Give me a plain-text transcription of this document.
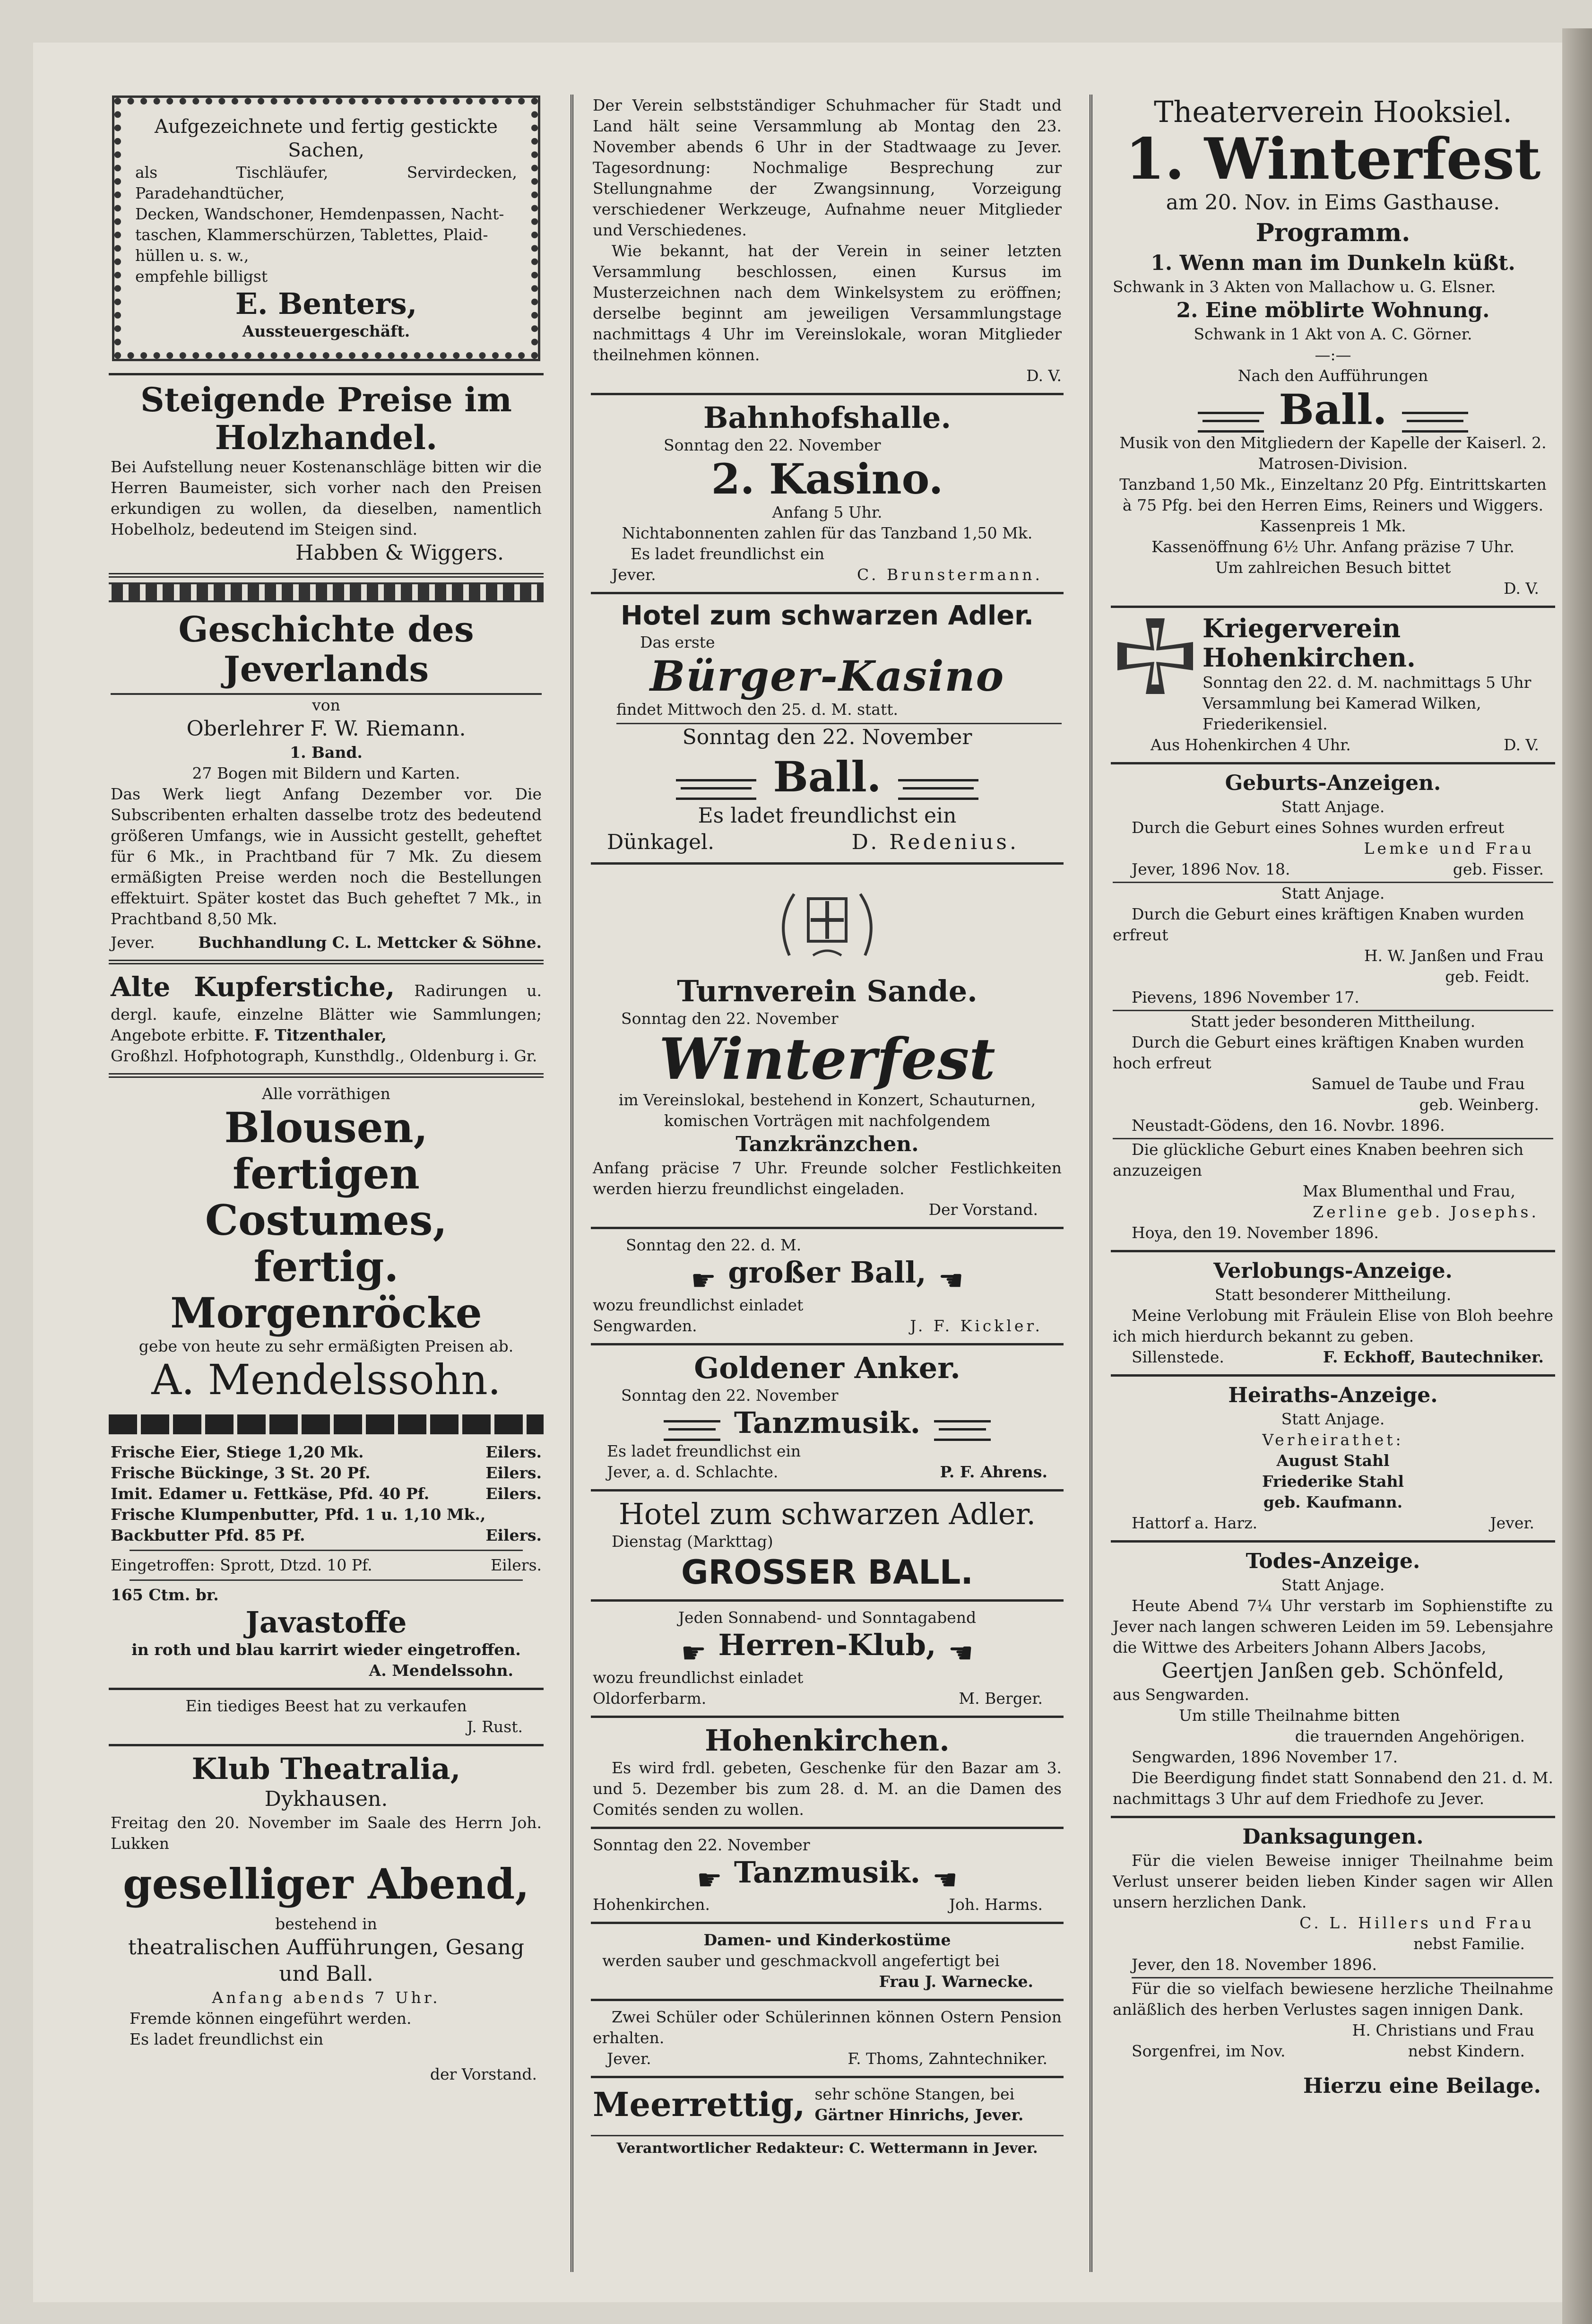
Aufgezeichnete und fertig gestickte

Sachen,

als Tischläufer, Servirdecken, Paradehandtücher,

Decken, Wandschoner, Hemdenpassen, Nacht-

taschen, Klammerschürzen, Tablettes, Plaid-

hüllen u. s. w.,

empfehle billigst

E. Benters,

Aussteuergeschäft.

Steigende Preise im

Holzhandel.

Bei Aufstellung neuer Kostenanschläge bitten wir die Herren Baumeister, sich vorher nach den Preisen erkundigen zu wollen, da dieselben, namentlich Hobelholz, bedeutend im Steigen sind.

Habben & Wiggers.

Geschichte des Jeverlands

von

Oberlehrer F. W. Riemann.

1. Band.

27 Bogen mit Bildern und Karten.

Das Werk liegt Anfang Dezember vor. Die Subscribenten erhalten dasselbe trotz des bedeutend größeren Umfangs, wie in Aussicht gestellt, geheftet für 6 Mk., in Prachtband für 7 Mk. Zu diesem ermäßigten Preise werden noch die Bestellungen effektuirt. Später kostet das Buch geheftet 7 Mk., in Prachtband 8,50 Mk.

Jever.	Buchhandlung C. L. Mettcker & Söhne.

Alte Kupferstiche, Radirungen u. dergl. kaufe, einzelne Blätter wie Sammlungen; Angebote erbitte. F. Titzenthaler,

Großhzl. Hofphotograph, Kunsthdlg., Oldenburg i. Gr.

Alle vorräthigen

Blousen,

fertigen Costumes,

fertig. Morgenröcke

gebe von heute zu sehr ermäßigten Preisen ab.

A. Mendelssohn.

Frische Eier, Stiege 1,20 Mk.	Eilers.
Frische Bückinge, 3 St. 20 Pf.	Eilers.
Imit. Edamer u. Fettkäse, Pfd. 40 Pf.	Eilers.
Frische Klumpenbutter, Pfd. 1 u. 1,10 Mk.,
Backbutter Pfd. 85 Pf.	Eilers.
Eingetroffen: Sprott, Dtzd. 10 Pf.	Eilers.

165 Ctm. br.

Javastoffe

in roth und blau karrirt wieder eingetroffen.

A. Mendelssohn.

Ein tiediges Beest hat zu verkaufen

J. Rust.

Klub Theatralia,

Dykhausen.

Freitag den 20. November im Saale des Herrn Joh. Lukken

geselliger Abend,

bestehend in

theatralischen Aufführungen, Gesang

und Ball.

Anfang abends 7 Uhr.

Fremde können eingeführt werden.

Es ladet freundlichst ein

der Vorstand.

Der Verein selbstständiger Schuhmacher für Stadt und Land hält seine Versammlung ab Montag den 23. November abends 6 Uhr in der Stadtwaage zu Jever. Tagesordnung: Nochmalige Besprechung zur Stellungnahme der Zwangsinnung, Vorzeigung verschiedener Werkzeuge, Aufnahme neuer Mitglieder und Verschiedenes.

Wie bekannt, hat der Verein in seiner letzten Versammlung beschlossen, einen Kursus im Musterzeichnen nach dem Winkelsystem zu eröffnen; derselbe beginnt am jeweiligen Versammlungstage nachmittags 4 Uhr im Vereinslokale, woran Mitglieder theilnehmen können.

D. V.

Bahnhofshalle.

Sonntag den 22. November

2. Kasino.

Anfang 5 Uhr.

Nichtabonnenten zahlen für das Tanzband 1,50 Mk.

Es ladet freundlichst ein

Jever.	C. Brunstermann.

Hotel zum schwarzen Adler.

Das erste

Bürger-Kasino

findet Mittwoch den 25. d. M. statt.

Sonntag den 22. November

Ball.

Es ladet freundlichst ein

Dünkagel.	D. Redenius.

Turnverein Sande.

Sonntag den 22. November

Winterfest

im Vereinslokal, bestehend in Konzert, Schauturnen, komischen Vorträgen mit nachfolgendem

Tanzkränzchen.

Anfang präcise 7 Uhr. Freunde solcher Festlichkeiten werden hierzu freundlichst eingeladen.

Der Vorstand.

Sonntag den 22. d. M.

☛ großer Ball, ☚

wozu freundlichst einladet

Sengwarden.	J. F. Kickler.

Goldener Anker.

Sonntag den 22. November

Tanzmusik.

Es ladet freundlichst ein

Jever, a. d. Schlachte.	P. F. Ahrens.

Hotel zum schwarzen Adler.

Dienstag (Markttag)

GROSSER BALL.

Jeden Sonnabend- und Sonntagabend

☛ Herren-Klub, ☚

wozu freundlichst einladet

Oldorferbarm.	M. Berger.

Hohenkirchen.

Es wird frdl. gebeten, Geschenke für den Bazar am 3. und 5. Dezember bis zum 28. d. M. an die Damen des Comités senden zu wollen.

Sonntag den 22. November

☛ Tanzmusik. ☚
Hohenkirchen.	Joh. Harms.

Damen- und Kinderkostüme

werden sauber und geschmackvoll angefertigt bei

Frau J. Warnecke.

Zwei Schüler oder Schülerinnen können Ostern Pension erhalten.

Jever.	F. Thoms, Zahntechniker.
Meerrettig, sehr schöne Stangen, bei

Gärtner Hinrichs, Jever.

Verantwortlicher Redakteur: C. Wettermann in Jever.

Theaterverein Hooksiel.

1. Winterfest

am 20. Nov. in Eims Gasthause.

Programm.

1. Wenn man im Dunkeln küßt.

Schwank in 3 Akten von Mallachow u. G. Elsner.

2. Eine möblirte Wohnung.

Schwank in 1 Akt von A. C. Görner.

—:—

Nach den Aufführungen

Ball.

Musik von den Mitgliedern der Kapelle der Kaiserl. 2. Matrosen-Division.

Tanzband 1,50 Mk., Einzeltanz 20 Pfg. Eintrittskarten à 75 Pfg. bei den Herren Eims, Reiners und Wiggers.

Kassenpreis 1 Mk.

Kassenöffnung 6½ Uhr. Anfang präzise 7 Uhr.

Um zahlreichen Besuch bittet

D. V.

Kriegerverein Hohenkirchen.

Sonntag den 22. d. M. nachmittags 5 Uhr Versammlung bei Kamerad Wilken, Friederikensiel.

Aus Hohenkirchen 4 Uhr.	D. V.

Geburts-Anzeigen.

Statt Anjage.

Durch die Geburt eines Sohnes wurden erfreut

Lemke und Frau

Jever, 1896 Nov. 18.	geb. Fisser.

Statt Anjage.

Durch die Geburt eines kräftigen Knaben wurden

erfreut

H. W. Janßen und Frau

geb. Feidt.

Pievens, 1896 November 17.

Statt jeder besonderen Mittheilung.

Durch die Geburt eines kräftigen Knaben wurden

hoch erfreut

Samuel de Taube und Frau

geb. Weinberg.

Neustadt-Gödens, den 16. Novbr. 1896.

Die glückliche Geburt eines Knaben beehren sich

anzuzeigen

Max Blumenthal und Frau,

Zerline geb. Josephs.

Hoya, den 19. November 1896.

Verlobungs-Anzeige.

Statt besonderer Mittheilung.

Meine Verlobung mit Fräulein Elise von Bloh beehre ich mich hierdurch bekannt zu geben.

Sillenstede.	F. Eckhoff, Bautechniker.

Heiraths-Anzeige.

Statt Anjage.

Verheirathet:

August Stahl

Friederike Stahl

geb. Kaufmann.

Hattorf a. Harz.	Jever.

Todes-Anzeige.

Statt Anjage.

Heute Abend 7¼ Uhr verstarb im Sophienstifte zu Jever nach langen schweren Leiden im 59. Lebensjahre die Wittwe des Arbeiters Johann Albers Jacobs,

Geertjen Janßen geb. Schönfeld,

aus Sengwarden.

Um stille Theilnahme bitten

die trauernden Angehörigen.

Sengwarden, 1896 November 17.

Die Beerdigung findet statt Sonnabend den 21. d. M. nachmittags 3 Uhr auf dem Friedhofe zu Jever.

Danksagungen.

Für die vielen Beweise inniger Theilnahme beim Verlust unserer beiden lieben Kinder sagen wir Allen unsern herzlichen Dank.

C. L. Hillers und Frau

nebst Familie.

Jever, den 18. November 1896.

Für die so vielfach bewiesene herzliche Theilnahme anläßlich des herben Verlustes sagen innigen Dank.

H. Christians und Frau

Sorgenfrei, im Nov.	nebst Kindern.

Hierzu eine Beilage.
